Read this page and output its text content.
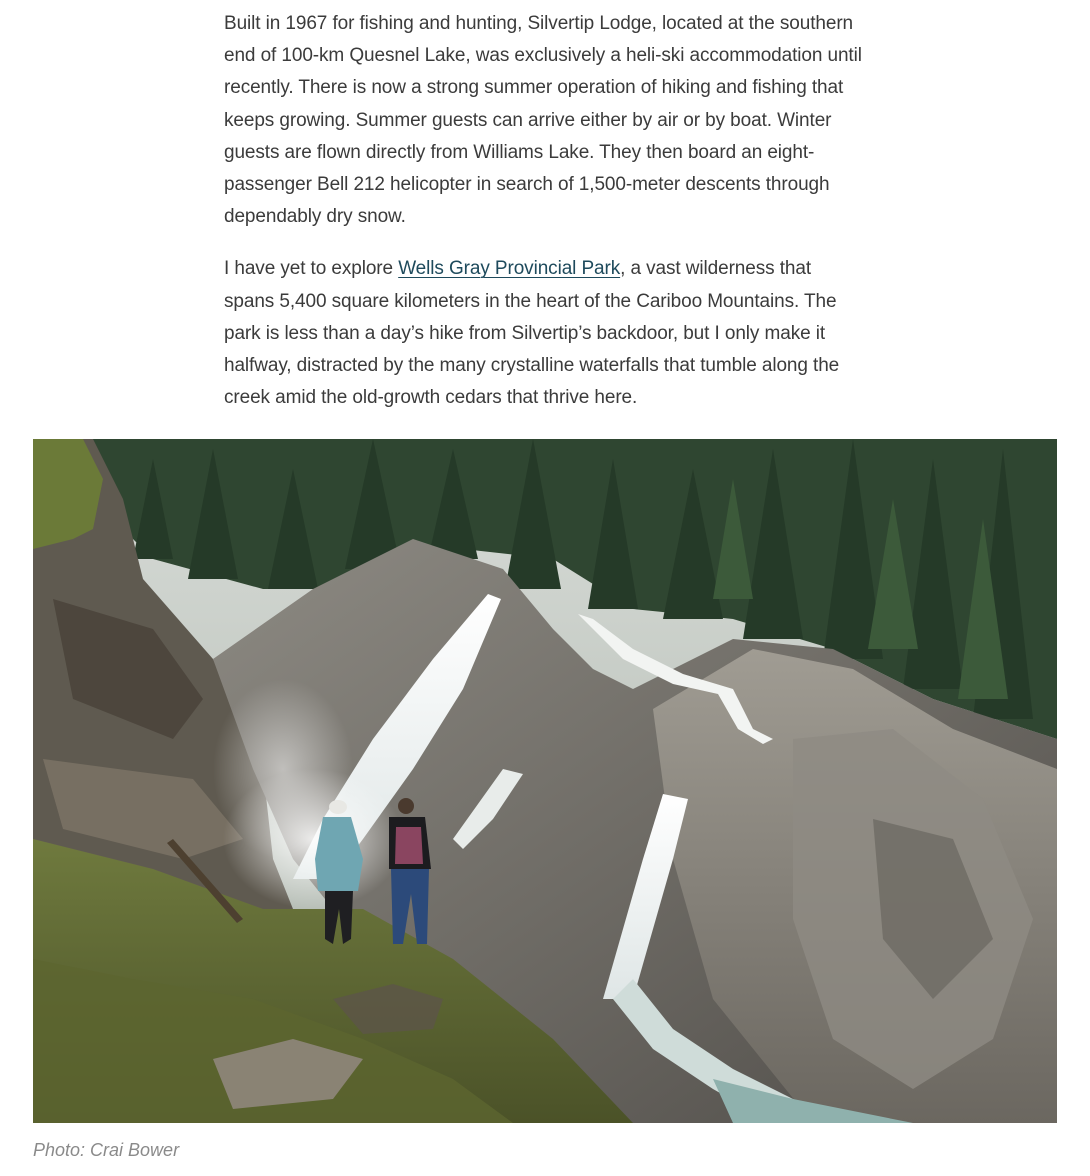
Built in 1967 for fishing and hunting, Silvertip Lodge, located at the southern end of 100-km Quesnel Lake, was exclusively a heli-ski accommodation until recently. There is now a strong summer operation of hiking and fishing that keeps growing. Summer guests can arrive either by air or by boat. Winter guests are flown directly from Williams Lake. They then board an eight-passenger Bell 212 helicopter in search of 1,500-meter descents through dependably dry snow.

I have yet to explore Wells Gray Provincial Park, a vast wilderness that spans 5,400 square kilometers in the heart of the Cariboo Mountains. The park is less than a day’s hike from Silvertip’s backdoor, but I only make it halfway, distracted by the many crystalline waterfalls that tumble along the creek amid the old-growth cedars that thrive here.

Photo: Crai Bower
